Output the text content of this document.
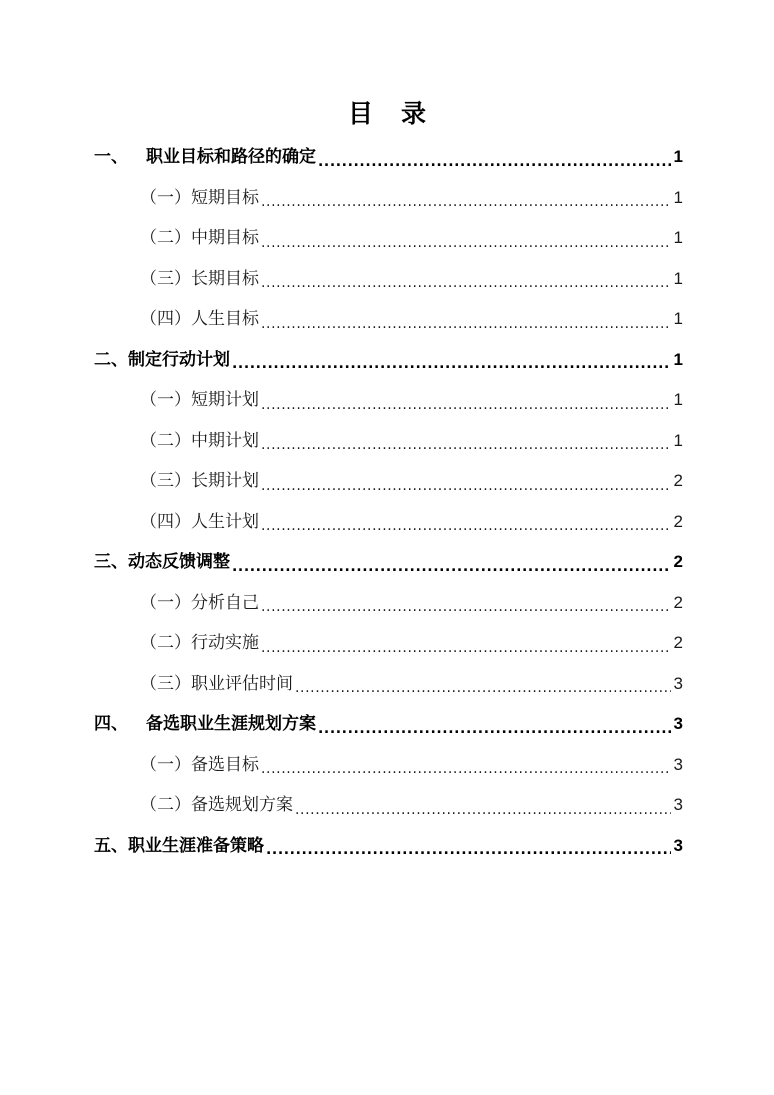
目 录
一、	职业目标和路径的确定 .....	1
（一） 短期目标 .....	1
（二） 中期目标 .....	1
（三） 长期目标 .....	1
（四） 人生目标 .....	1
二、 制定行动计划 .....	1
（一） 短期计划 .....	1
（二） 中期计划 .....	1
（三） 长期计划 .....	2
（四） 人生计划 .....	2
三、 动态反馈调整 .....	2
（一） 分析自己 .....	2
（二） 行动实施 .....	2
（三） 职业评估时间 .....	3
四、	备选职业生涯规划方案 .....	3
（一） 备选目标 .....	3
（二） 备选规划方案 .....	3
五、 职业生涯准备策略 .....	3
